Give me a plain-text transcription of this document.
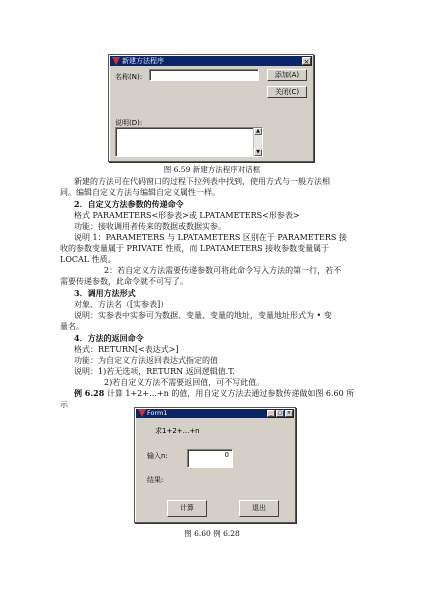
新建方法程序	×
名称(N):	添加(A)
关闭(C)
说明(D):
▲
▼
图 6.59 新建方法程序对话框
新建的方法可在代码窗口的过程下拉列表中找到，使用方式与一般方法相
同。编辑自定义方法与编辑自定义属性一样。
2．自定义方法参数的传递命令
格式 PARAMETERS<形参表>或 LPATAMETERS<形参表>
功能：接收调用者传来的数据或数据实参。
说明 1：PARAMETERS 与 LPATAMETERS 区别在于 PARAMETERS 接
收的参数变量属于 PRIVATE 性质，而 LPATAMETERS 接收参数变量属于
LOCAL 性质。
2：若自定义方法需要传递参数可将此命令写入方法的第一行，若不
需要传递参数，此命令就不可写了。
3．调用方法形式
对象、方法名（[实参表]）
说明：实参表中实参可为数据、变量、变量的地址，变量地址形式为 • 变
量名。
4．方法的返回命令
格式：RETURN[<表达式>]
功能：为自定义方法返回表达式指定的值
说明：1)若无选项，RETURN 返回逻辑值.T.
2)若自定义方法不需要返回值，可不写此值。
例 6.28 计算 1+2+…+n 的值，用自定义方法去通过参数传递做如图 6.60 所
示
Form1	_	□ ×
求1+2+...+n
输入n:	0
结果:
计算	退出
图 6.60 例 6.28
